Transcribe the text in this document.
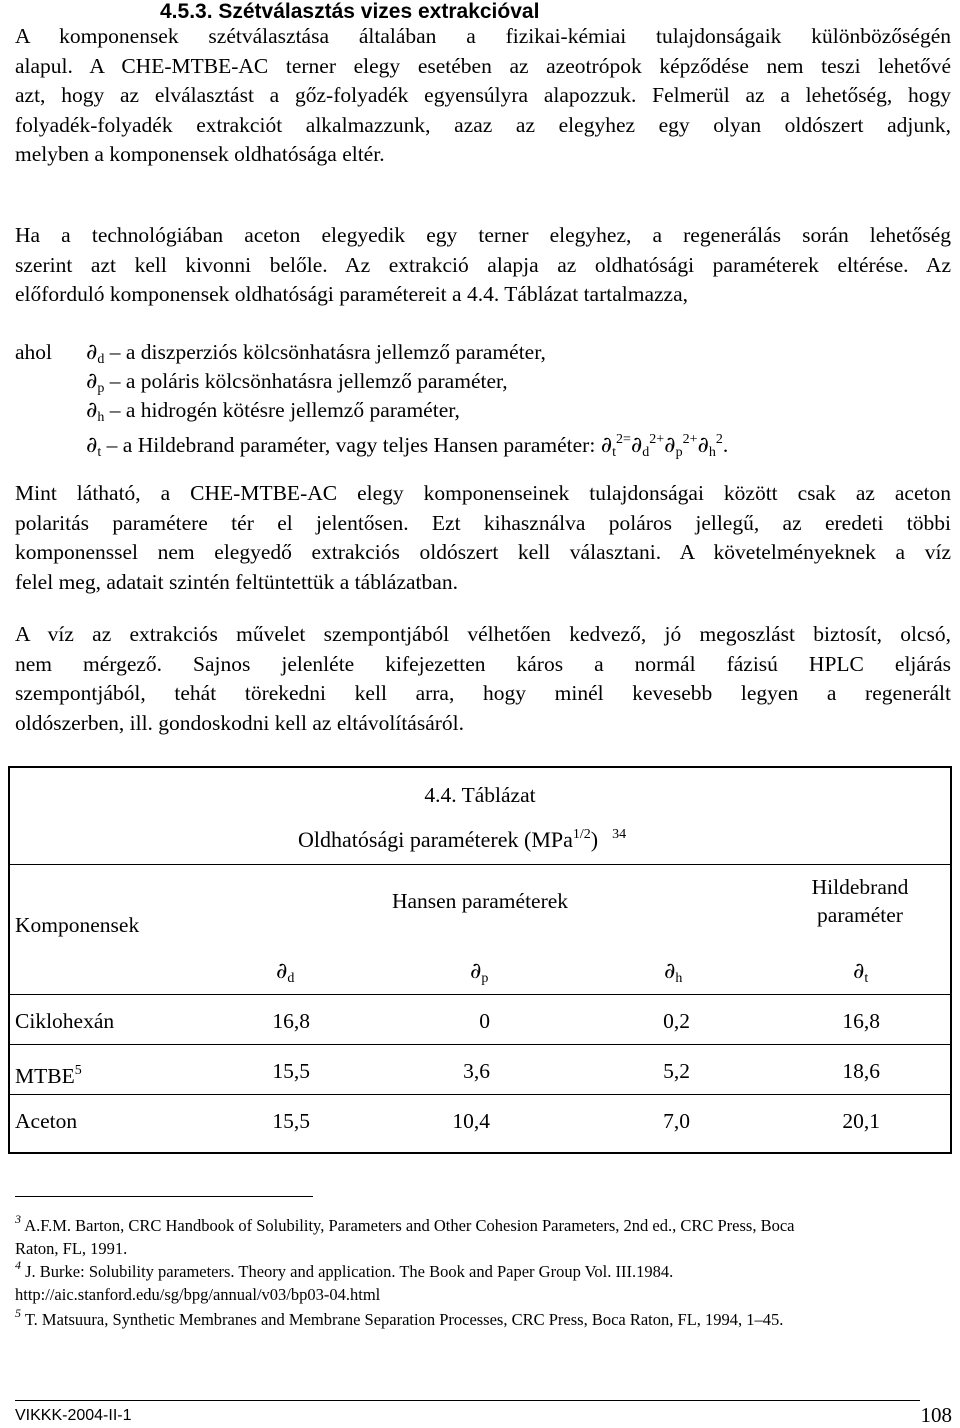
4.5.3. Szétválasztás vizes extrakcióval
A komponensek szétválasztása általában a fizikai-kémiai tulajdonságaik különbözőségén
alapul. A CHE-MTBE-AC terner elegy esetében az azeotrópok képződése nem teszi lehetővé
azt, hogy az elválasztást a gőz-folyadék egyensúlyra alapozzuk. Felmerül az a lehetőség, hogy
folyadék-folyadék extrakciót alkalmazzunk, azaz az elegyhez egy olyan oldószert adjunk,
melyben a komponensek oldhatósága eltér.
Ha a technológiában aceton elegyedik egy terner elegyhez, a regenerálás során lehetőség
szerint azt kell kivonni belőle. Az extrakció alapja az oldhatósági paraméterek eltérése. Az
előforduló komponensek oldhatósági paramétereit a 4.4. Táblázat tartalmazza,
ahol $\partial_d$ – a diszperziós kölcsönhatásra jellemző paraméter,
$\partial_p$ – a poláris kölcsönhatásra jellemző paraméter,
$\partial_h$ – a hidrogén kötésre jellemző paraméter,
$\partial_t$ – a Hildebrand paraméter, vagy teljes Hansen paraméter: $\partial_t^{2=}\partial_d^{2+}\partial_p^{2+}\partial_h^2$.
Mint látható, a CHE-MTBE-AC elegy komponenseinek tulajdonságai között csak az aceton
polaritás paramétere tér el jelentősen. Ezt kihasználva poláros jellegű, az eredeti többi
komponenssel nem elegyedő extrakciós oldószert kell választani. A követelményeknek a víz
felel meg, adatait szintén feltüntettük a táblázatban.
A víz az extrakciós művelet szempontjából vélhetően kedvező, jó megoszlást biztosít, olcsó,
nem mérgező. Sajnos jelenléte kifejezetten káros a normál fázisú HPLC eljárás
szempontjából, tehát törekedni kell arra, hogy minél kevesebb legyen a regenerált
oldószerben, ill. gondoskodni kell az eltávolításáról.
4.4. Táblázat
Oldhatósági paraméterek (MPa$^{1/2}$) $^{34}$
Komponensek
Hansen paraméterek
Hildebrand
paraméter
$\partial_d$	$\partial_p$	$\partial_h$	$\partial_t$
Ciklohexán	16,8	0	0,2	16,8
MTBE$^5$	15,5	3,6	5,2	18,6
Aceton	15,5	10,4	7,0	20,1
$^3$ A.F.M. Barton, CRC Handbook of Solubility, Parameters and Other Cohesion Parameters, 2nd ed., CRC Press, Boca
Raton, FL, 1991.
$^4$ J. Burke: Solubility parameters. Theory and application. The Book and Paper Group Vol. III.1984.
http://aic.stanford.edu/sg/bpg/annual/v03/bp03-04.html
$^5$ T. Matsuura, Synthetic Membranes and Membrane Separation Processes, CRC Press, Boca Raton, FL, 1994, 1–45.
VIKKK-2004-II-1	108
